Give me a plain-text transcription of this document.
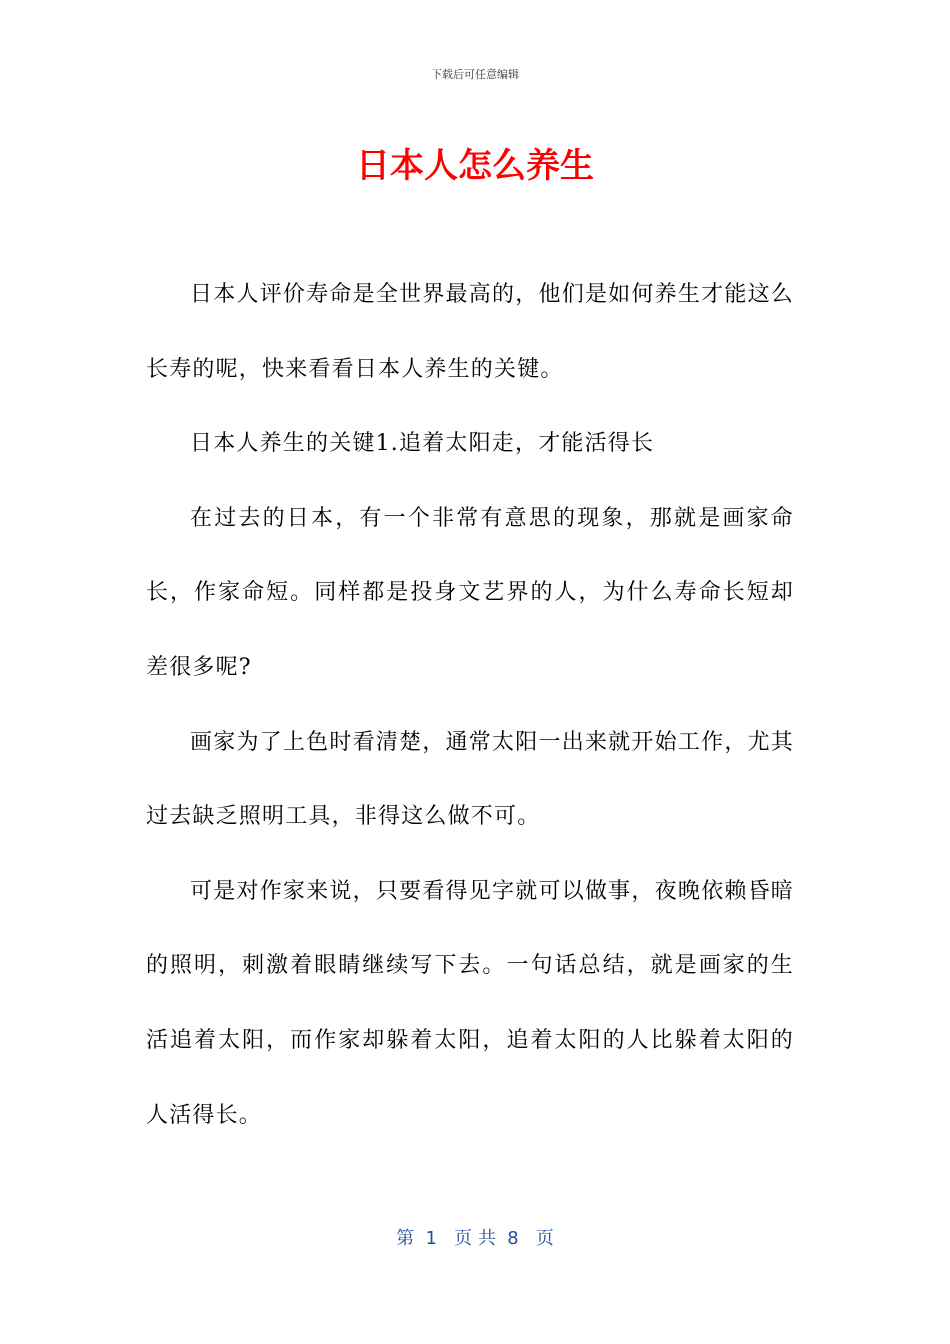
下载后可任意编辑
日本人怎么养生

日本人评价寿命是全世界最高的，他们是如何养生才能这么长寿的呢，快来看看日本人养生的关键。

日本人养生的关键1.追着太阳走，才能活得长

在过去的日本，有一个非常有意思的现象，那就是画家命长，作家命短。同样都是投身文艺界的人，为什么寿命长短却差很多呢?

画家为了上色时看清楚，通常太阳一出来就开始工作，尤其过去缺乏照明工具，非得这么做不可。

可是对作家来说，只要看得见字就可以做事，夜晚依赖昏暗的照明，刺激着眼睛继续写下去。一句话总结，就是画家的生活追着太阳，而作家却躲着太阳，追着太阳的人比躲着太阳的人活得长。

第  1   页 共  8   页
